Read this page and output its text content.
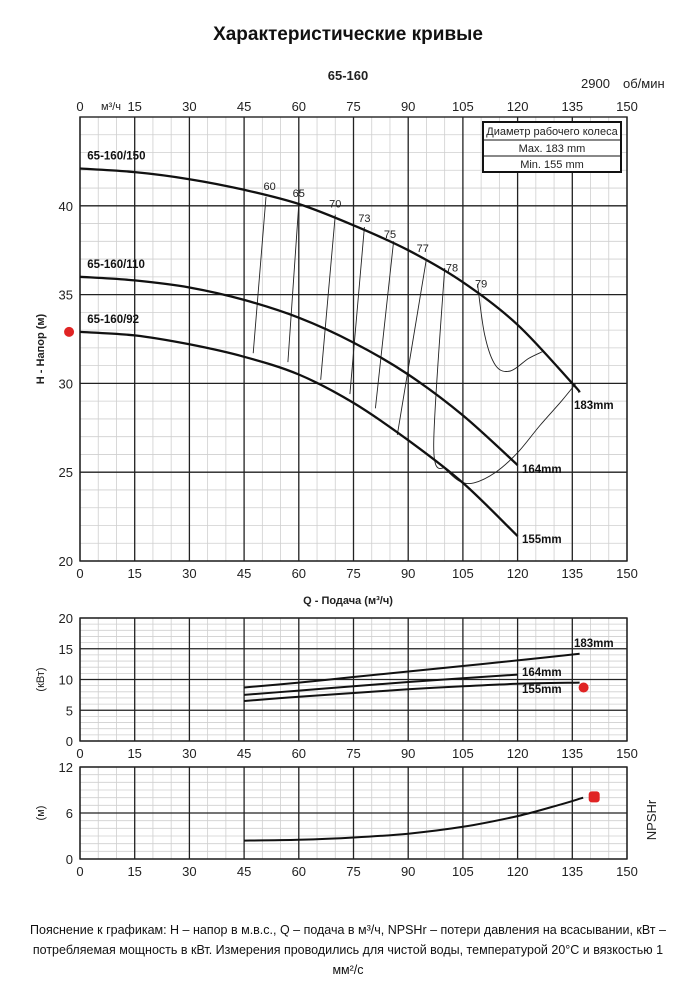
Характеристические кривые
0	15	30	45	60	75	90	105	120	135	150
20
25
30
35
40
15	30	45	60	75	90	105	120	135	150
0 м³/ч
65-160
2900 об/мин
Q - Подача (м³/ч)
H - Напор (м)
Диаметр рабочего колеса
Max. 183 mm
Min. 155 mm
65-160/150
65-160/110
65-160/92
183mm
164mm
155mm
60
65
70
73
75
77
78
79
0	15	30	45	60	75	90	105	120	135	150
0
5
10
15
20
(кВт)
183mm
164mm
155mm
0	15	30	45	60	75	90	105	120	135	150
0
6
12
(м)	NPSHr
Пояснение к графикам: H – напор в м.в.с., Q – подача в м³/ч, NPSHr – потери давления на всасывании, кВт – потребляемая мощность в кВт. Измерения проводились для чистой воды, температурой 20°C и вязкостью 1 мм²/с
